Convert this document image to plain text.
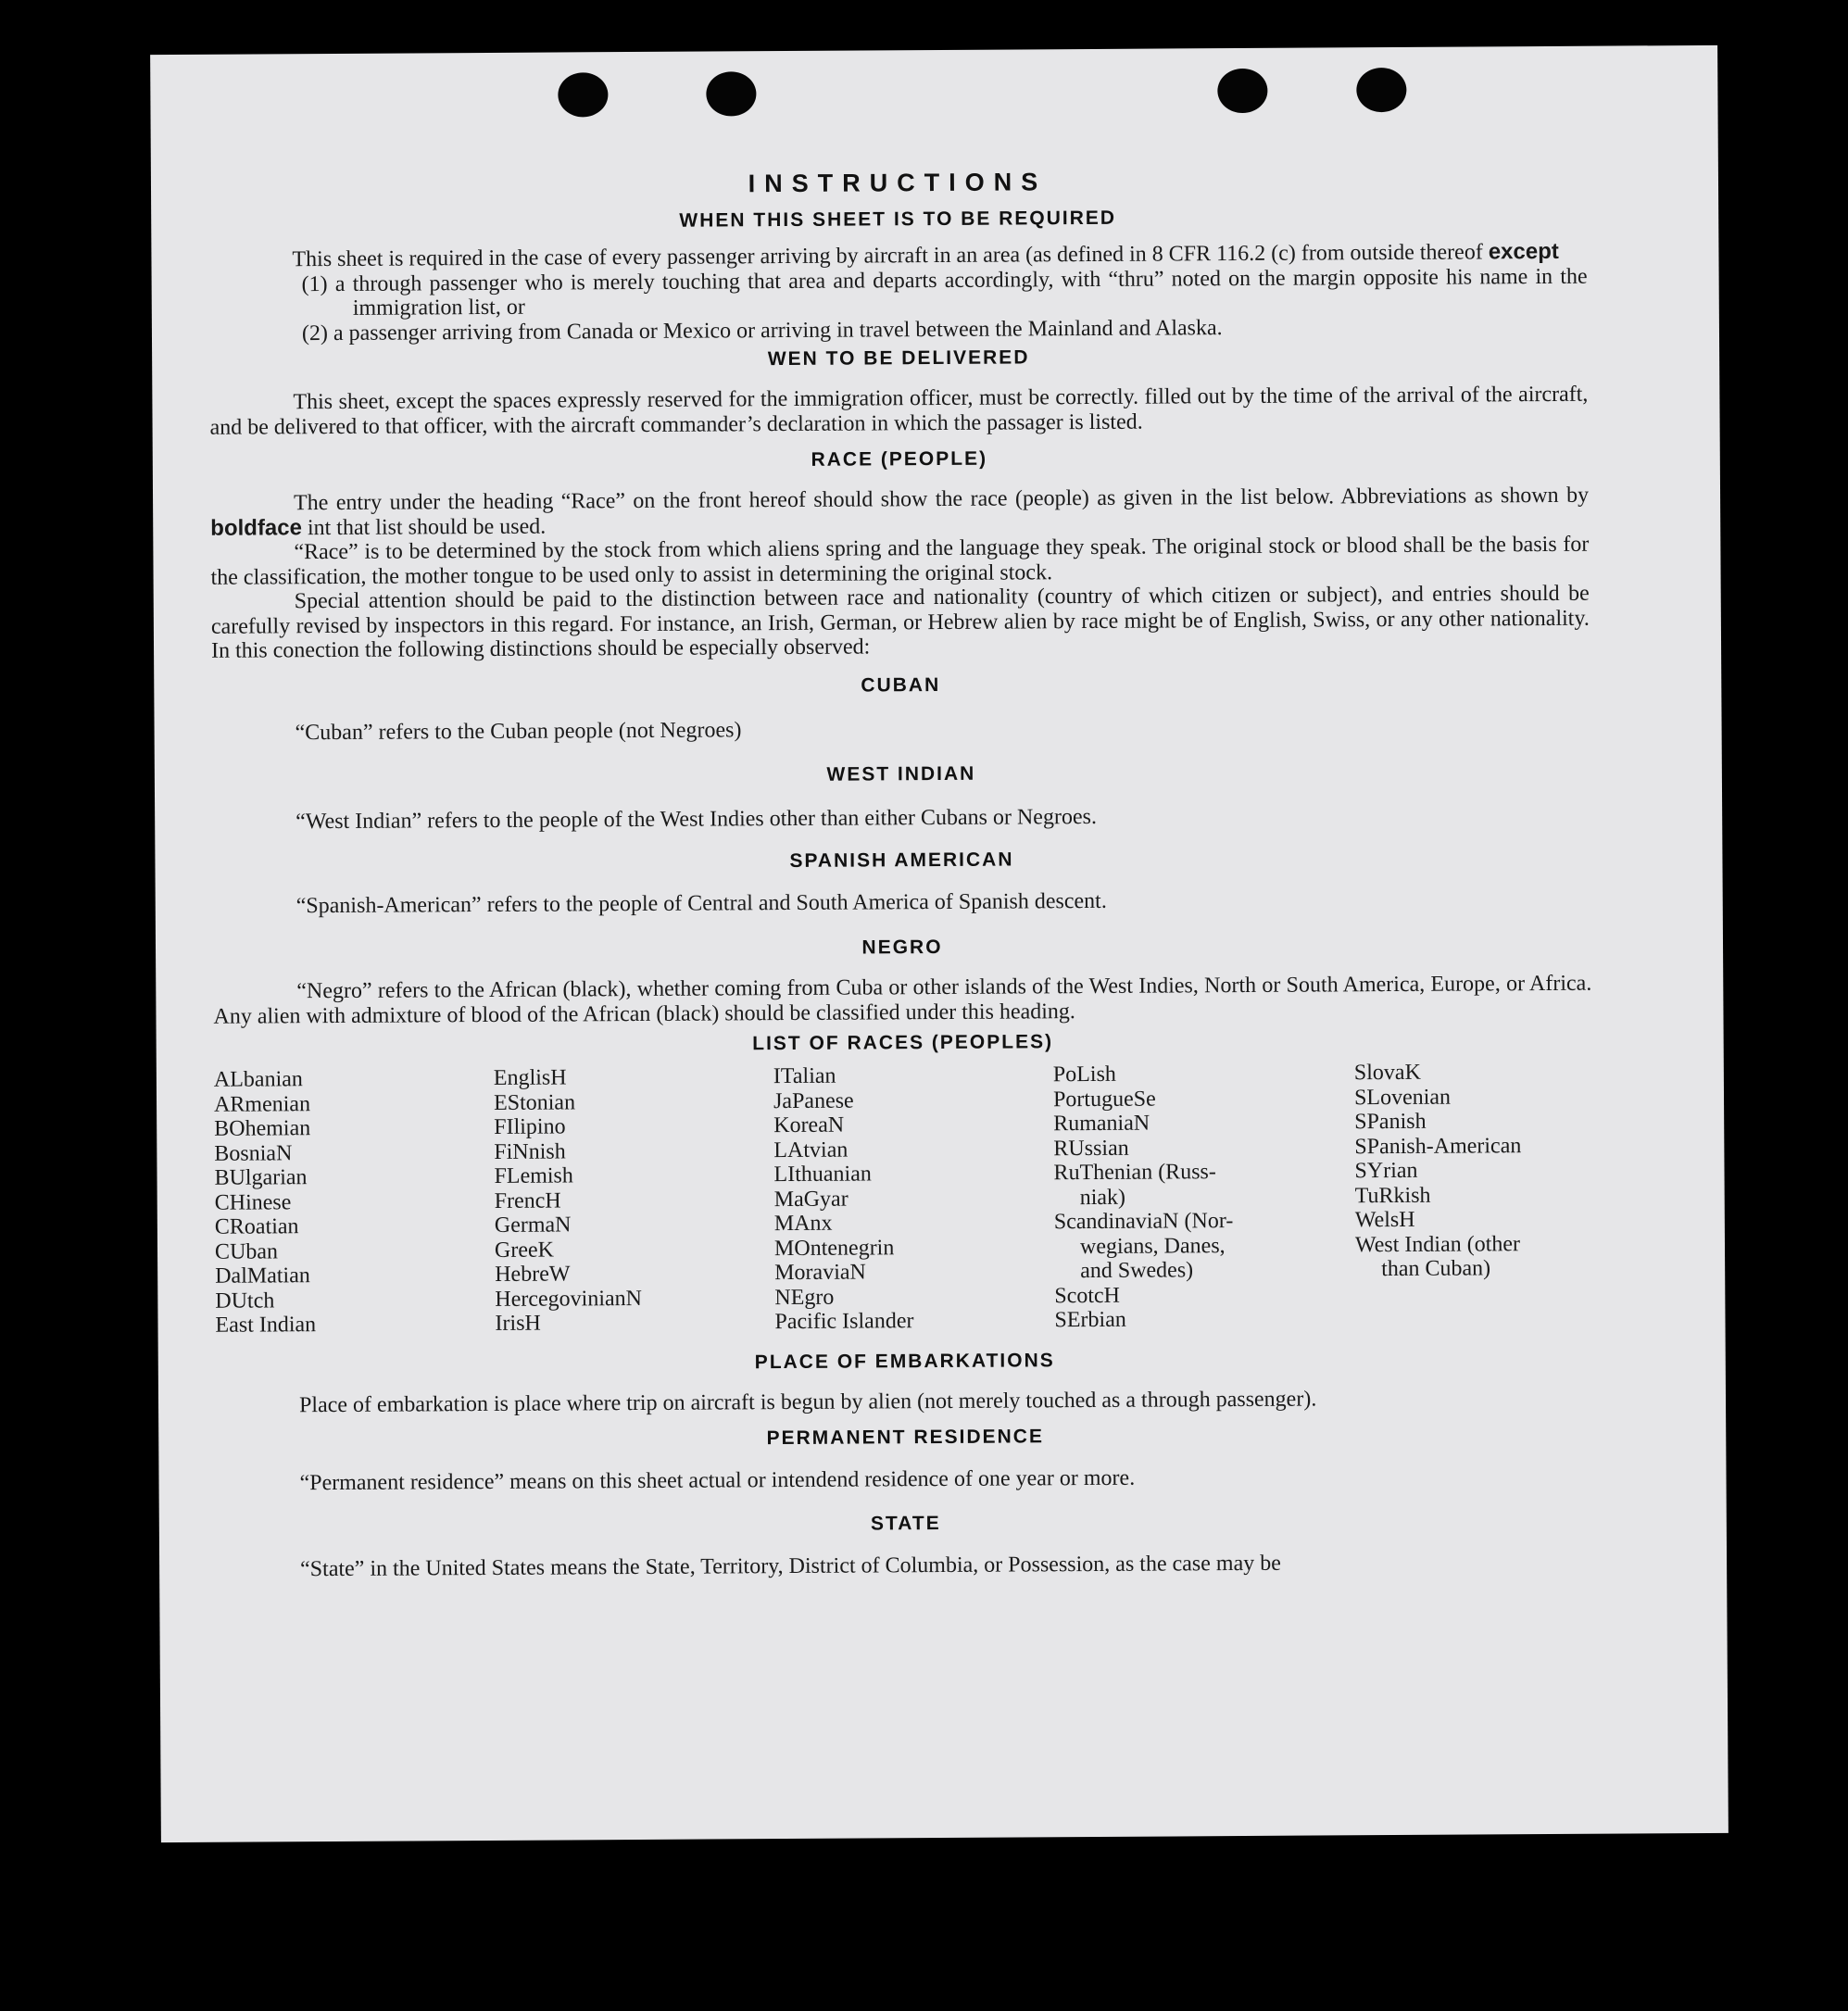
INSTRUCTIONS
WHEN THIS SHEET IS TO BE REQUIRED

This sheet is required in the case of every passenger arriving by aircraft in an area (as defined in 8 CFR 116.2 (c) from outside thereof except

(1) a through passenger who is merely touching that area and departs accordingly, with “thru” noted on the margin opposite his name in the immigration list, or

(2) a passenger arriving from Canada or Mexico or arriving in travel between the Mainland and Alaska.

WEN TO BE DELIVERED

This sheet, except the spaces expressly reserved for the immigration officer, must be correctly. filled out by the time of the arrival of the aircraft, and be delivered to that officer, with the aircraft commander’s declaration in which the passager is listed.

RACE (PEOPLE)

The entry under the heading “Race” on the front hereof should show the race (people) as given in the list below. Abbreviations as shown by boldface int that list should be used.

“Race” is to be determined by the stock from which aliens spring and the language they speak. The original stock or blood shall be the basis for the classification, the mother tongue to be used only to assist in determining the original stock.

Special attention should be paid to the distinction between race and nationality (country of which citizen or subject), and entries should be carefully revised by inspectors in this regard. For instance, an Irish, German, or Hebrew alien by race might be of English, Swiss, or any other nationality. In this conection the following distinctions should be especially observed:

CUBAN

“Cuban” refers to the Cuban people (not Negroes)

WEST INDIAN

“West Indian” refers to the people of the West Indies other than either Cubans or Negroes.

SPANISH AMERICAN

“Spanish-American” refers to the people of Central and South America of Spanish descent.

NEGRO

“Negro” refers to the African (black), whether coming from Cuba or other islands of the West Indies, North or South America, Europe, or Africa. Any alien with admixture of blood of the African (black) should be classified under this heading.

LIST OF RACES (PEOPLES)
ALbanian
ARmenian
BOhemian
BosniaN
BUlgarian
CHinese
CRoatian
CUban
DalMatian
DUtch
East Indian
EnglisH
EStonian
FIlipino
FiNnish
FLemish
FrencH
GermaN
GreeK
HebreW
HercegovinianN
IrisH
ITalian
JaPanese
KoreaN
LAtvian
LIthuanian
MaGyar
MAnx
MOntenegrin
MoraviaN
NEgro
Pacific Islander
PoLish
PortugueSe
RumaniaN
RUssian
RuThenian (Russ-
niak)
ScandinaviaN (Nor-
wegians, Danes,
and Swedes)
ScotcH
SErbian
SlovaK
SLovenian
SPanish
SPanish-American
SYrian
TuRkish
WelsH
West Indian (other
than Cuban)
PLACE OF EMBARKATIONS

Place of embarkation is place where trip on aircraft is begun by alien (not merely touched as a through passenger).

PERMANENT RESIDENCE

“Permanent residence” means on this sheet actual or intendend residence of one year or more.

STATE

“State” in the United States means the State, Territory, District of Columbia, or Possession, as the case may be
